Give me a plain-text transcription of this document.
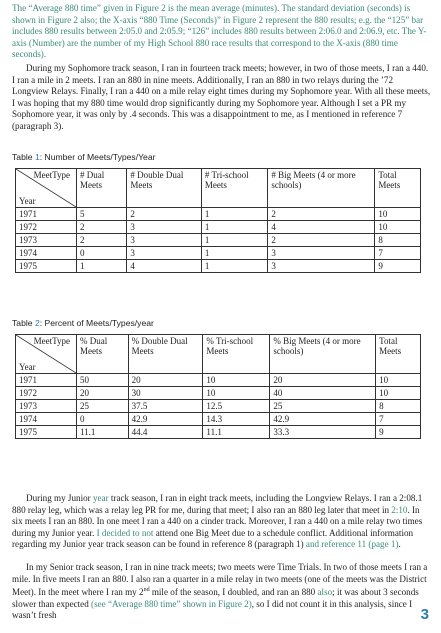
The “Average 880 time” given in Figure 2 is the mean average (minutes). The standard deviation (seconds) is shown in Figure 2 also; the X-axis “880 Time (Seconds)” in Figure 2 represent the 880 results; e.g. the “125” bar includes 880 results between 2:05.0 and 2:05.9; “126” includes 880 results between 2:06.0 and 2:06.9, etc. The Y-axis (Number) are the number of my High School 880 race results that correspond to the X-axis (880 time seconds).
During my Sophomore track season, I ran in fourteen track meets; however, in two of those meets, I ran a 440. I ran a mile in 2 meets. I ran an 880 in nine meets. Additionally, I ran an 880 in two relays during the ’72 Longview Relays. Finally, I ran a 440 on a mile relay eight times during my Sophomore year. With all these meets, I was hoping that my 880 time would drop significantly during my Sophomore year. Although I set a PR my Sophomore year, it was only by .4 seconds. This was a disappointment to me, as I mentioned in reference 7 (paragraph 3).
Table 1: Number of Meets/Types/Year
MeetType
Year	# Dual Meets	# Double Dual Meets	# Tri-school Meets	# Big Meets (4 or more schools)	Total Meets
1971	5	2	1	2	10
1972	2	3	1	4	10
1973	2	3	1	2	8
1974	0	3	1	3	7
1975	1	4	1	3	9
Table 2: Percent of Meets/Types/year
MeetType
Year	% Dual Meets	% Double Dual Meets	% Tri-school Meets	% Big Meets (4 or more schools)	Total Meets
1971	50	20	10	20	10
1972	20	30	10	40	10
1973	25	37.5	12.5	25	8
1974	0	42.9	14.3	42.9	7
1975	11.1	44.4	11.1	33.3	9
During my Junior year track season, I ran in eight track meets, including the Longview Relays. I ran a 2:08.1 880 relay leg, which was a relay leg PR for me, during that meet; I also ran an 880 leg later that meet in 2:10. In six meets I ran an 880. In one meet I ran a 440 on a cinder track. Moreover, I ran a 440 on a mile relay two times during my Junior year. I decided to not attend one Big Meet due to a schedule conflict. Additional information regarding my Junior year track season can be found in reference 8 (paragraph 1) and reference 11 (page 1).
In my Senior track season, I ran in nine track meets; two meets were Time Trials. In two of those meets I ran a mile. In five meets I ran an 880. I also ran a quarter in a mile relay in two meets (one of the meets was the District Meet). In the meet where I ran my 2nd mile of the season, I doubled, and ran an 880 also; it was about 3 seconds slower than expected (see “Average 880 time” shown in Figure 2), so I did not count it in this analysis, since I wasn’t fresh	3
